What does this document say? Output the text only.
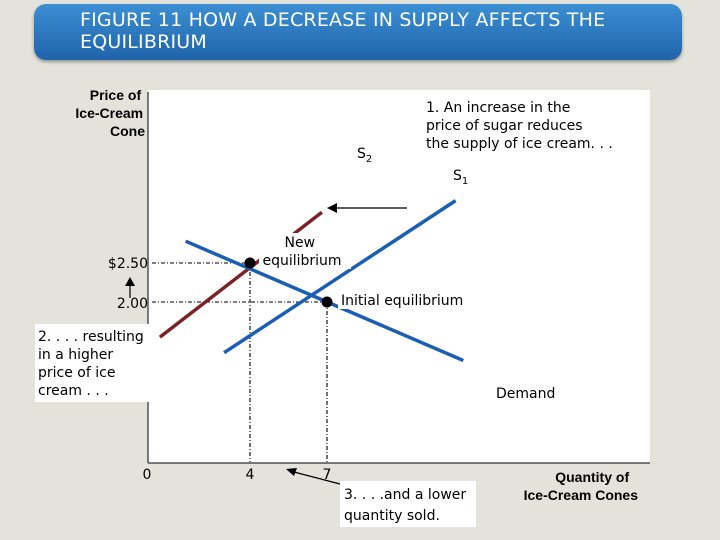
FIGURE 11 HOW A DECREASE IN SUPPLY AFFECTS THE
EQUILIBRIUM
Price of Ice-Cream Cone
Quantity of Ice-Cream Cones
0	4	7
$2.50
2.00
$S_2$
$S_1$
Demand
New equilibrium
Initial equilibrium
1. An increase in the price of sugar reduces the supply of ice cream. . .
2. . . . resulting in a higher price of ice cream . . .
3. . . .and a lower quantity sold.
